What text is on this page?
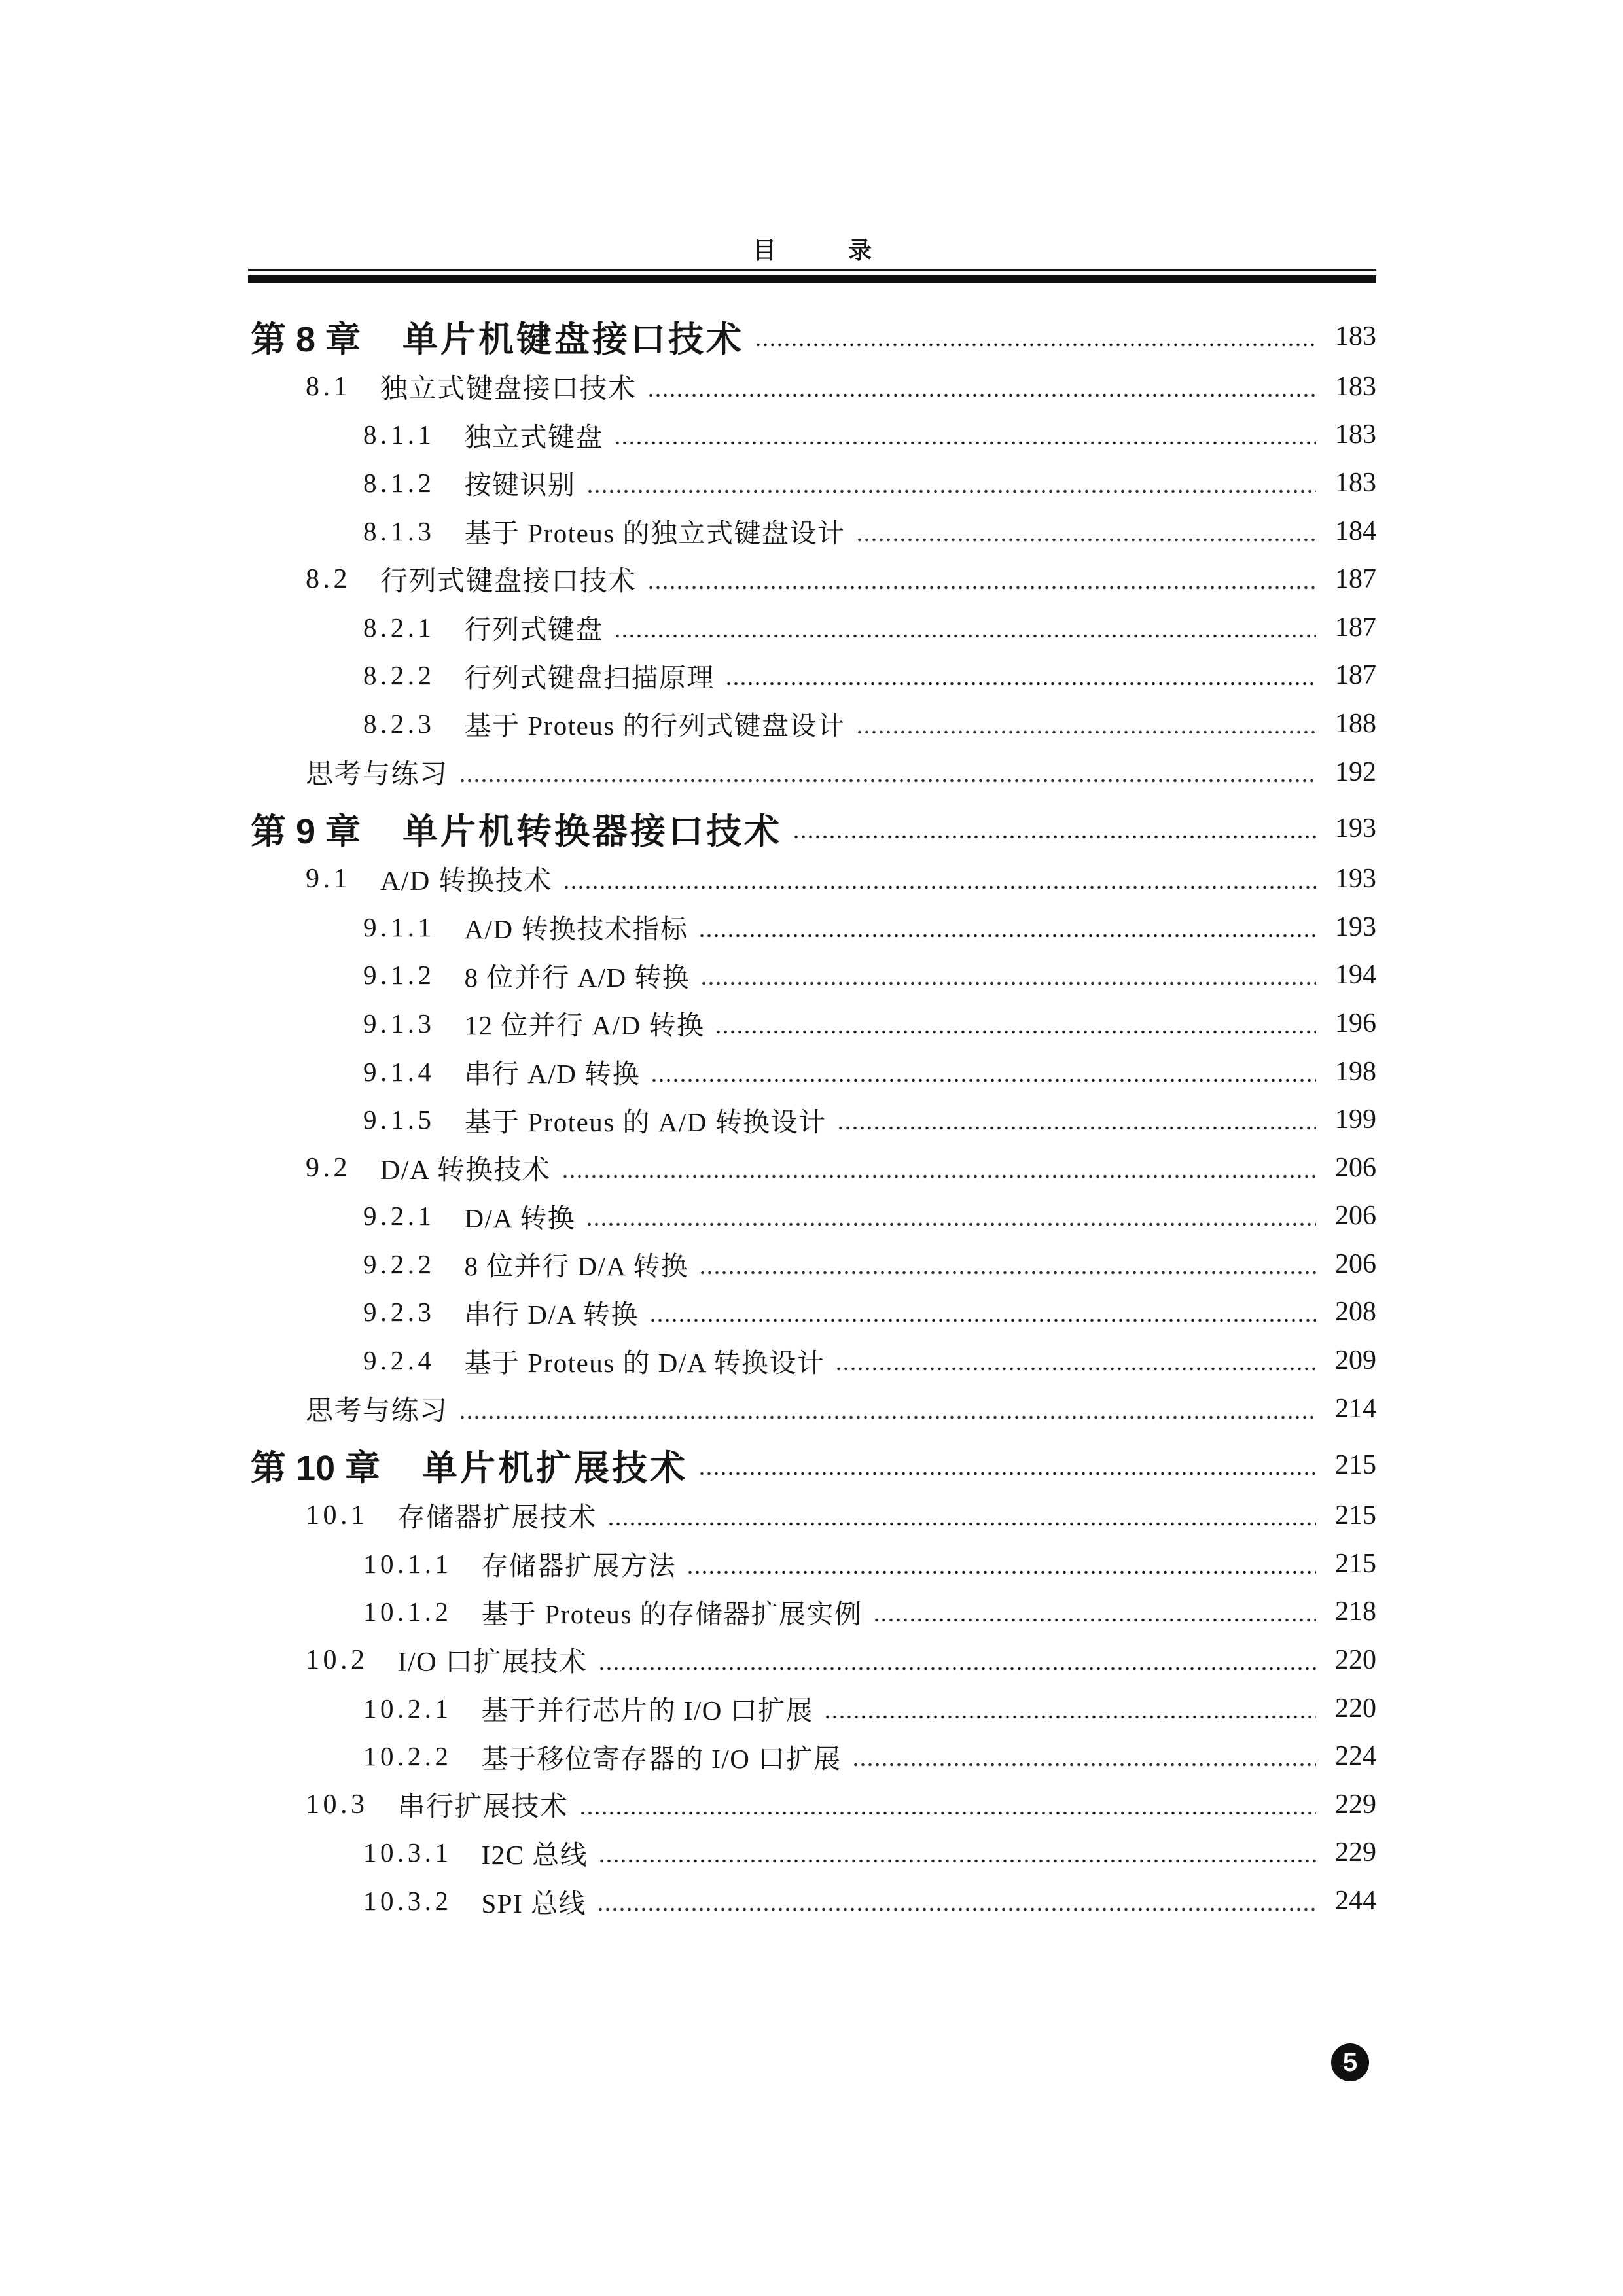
目 录
第 8 章 单片机键盘接口技术	183
8.1 独立式键盘接口技术	183
8.1.1 独立式键盘	183
8.1.2 按键识别	183
8.1.3 基于 Proteus 的独立式键盘设计	184
8.2 行列式键盘接口技术	187
8.2.1 行列式键盘	187
8.2.2 行列式键盘扫描原理	187
8.2.3 基于 Proteus 的行列式键盘设计	188
思考与练习	192
第 9 章 单片机转换器接口技术	193
9.1 A/D 转换技术	193
9.1.1 A/D 转换技术指标	193
9.1.2 8 位并行 A/D 转换	194
9.1.3 12 位并行 A/D 转换	196
9.1.4 串行 A/D 转换	198
9.1.5 基于 Proteus 的 A/D 转换设计	199
9.2 D/A 转换技术	206
9.2.1 D/A 转换	206
9.2.2 8 位并行 D/A 转换	206
9.2.3 串行 D/A 转换	208
9.2.4 基于 Proteus 的 D/A 转换设计	209
思考与练习	214
第 10 章 单片机扩展技术	215
10.1 存储器扩展技术	215
10.1.1 存储器扩展方法	215
10.1.2 基于 Proteus 的存储器扩展实例	218
10.2 I/O 口扩展技术	220
10.2.1 基于并行芯片的 I/O 口扩展	220
10.2.2 基于移位寄存器的 I/O 口扩展	224
10.3 串行扩展技术	229
10.3.1 I2C 总线	229
10.3.2 SPI 总线	244
5
